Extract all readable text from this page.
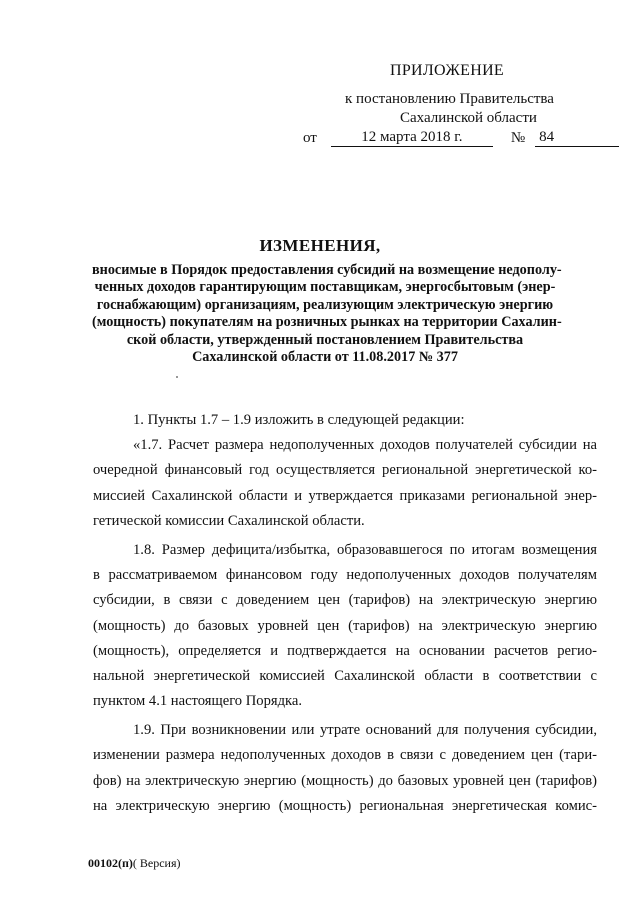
ПРИЛОЖЕНИЕ
к постановлению Правительства
Сахалинской области
от	12 марта 2018 г.	№ 84
ИЗМЕНЕНИЯ,
вносимые в Порядок предоставления субсидий на возмещение недополу-
ченных доходов гарантирующим поставщикам, энергосбытовым (энер-
госнабжающим) организациям, реализующим электрическую энергию
(мощность) покупателям на розничных рынках на территории Сахалин-
ской области, утвержденный постановлением Правительства
Сахалинской области от 11.08.2017 № 377
1. Пункты 1.7 – 1.9 изложить в следующей редакции:
«1.7. Расчет размера недополученных доходов получателей субсидии на
очередной финансовый год осуществляется региональной энергетической ко-
миссией Сахалинской области и утверждается приказами региональной энер-
гетической комиссии Сахалинской области.
1.8. Размер дефицита/избытка, образовавшегося по итогам возмещения
в рассматриваемом финансовом году недополученных доходов получателям
субсидии, в связи с доведением цен (тарифов) на электрическую энергию
(мощность) до базовых уровней цен (тарифов) на электрическую энергию
(мощность), определяется и подтверждается на основании расчетов регио-
нальной энергетической комиссией Сахалинской области в соответствии с
пунктом 4.1 настоящего Порядка.
1.9. При возникновении или утрате оснований для получения субсидии,
изменении размера недополученных доходов в связи с доведением цен (тари-
фов) на электрическую энергию (мощность) до базовых уровней цен (тарифов)
на электрическую энергию (мощность) региональная энергетическая комис-
00102(п)( Версия)
